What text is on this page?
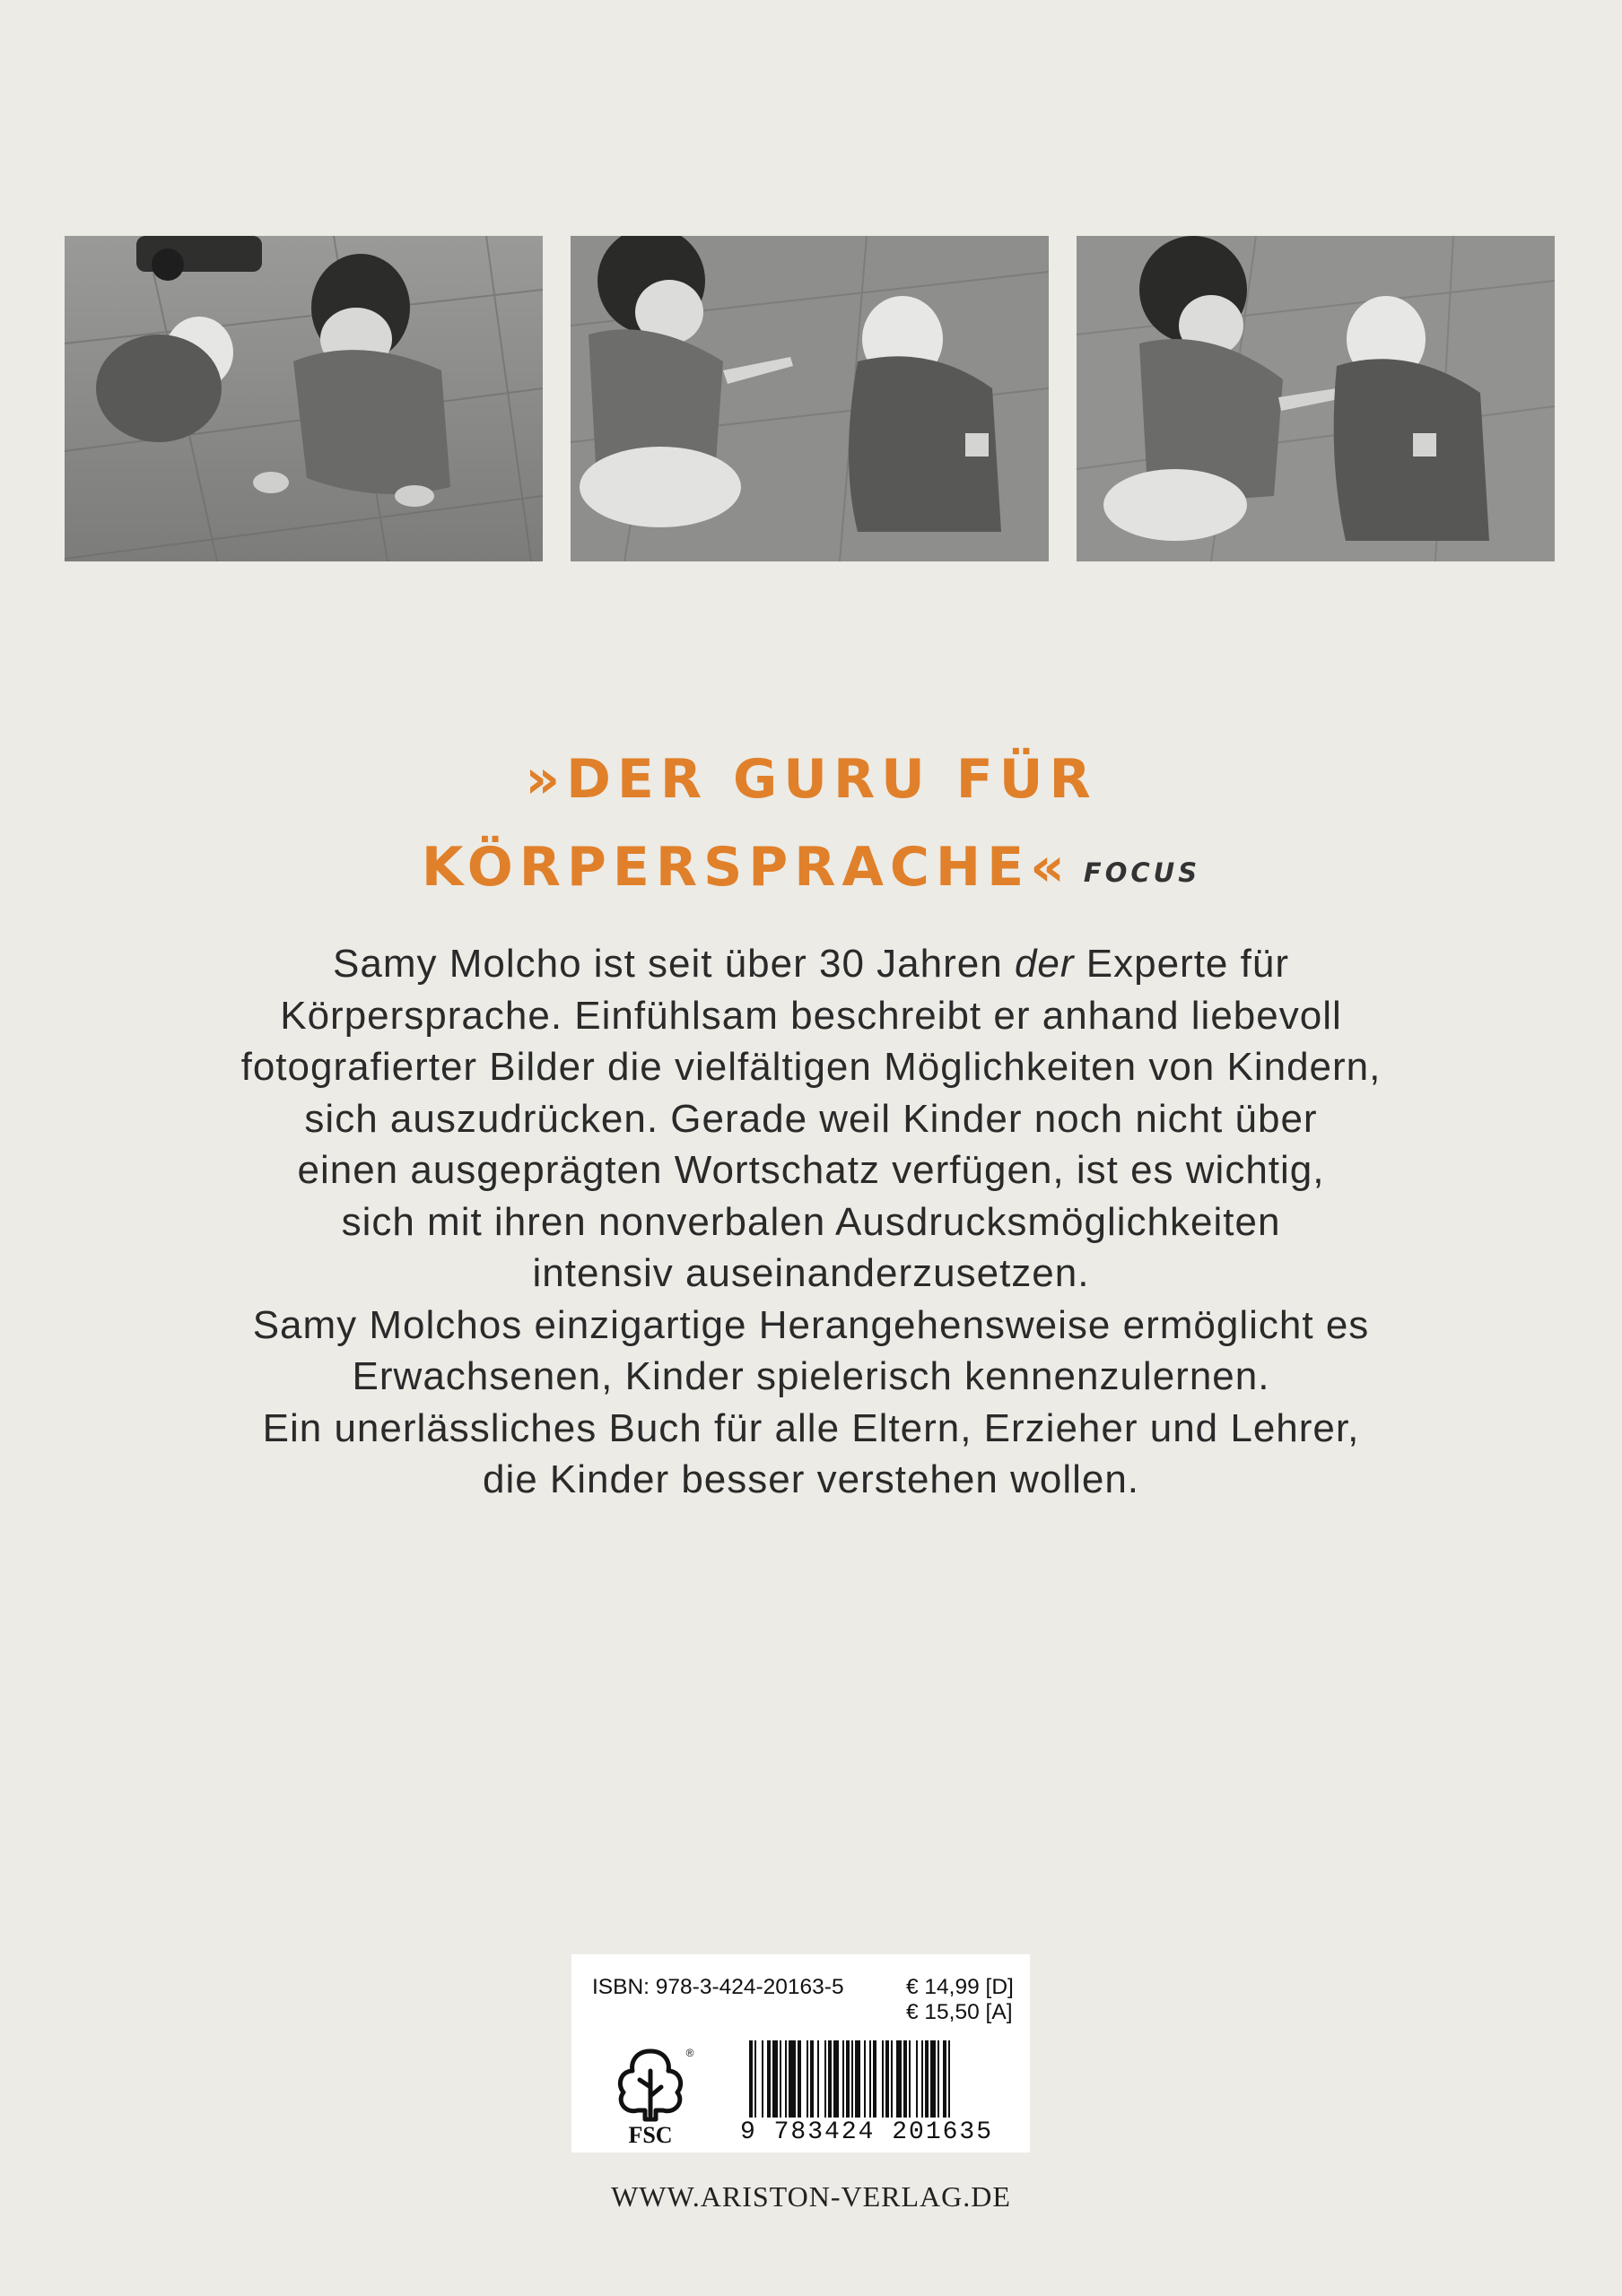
»DER GURU FÜR
KÖRPERSPRACHE« FOCUS
Samy Molcho ist seit über 30 Jahren der Experte für
Körpersprache. Einfühlsam beschreibt er anhand liebevoll
fotografierter Bilder die vielfältigen Möglichkeiten von Kindern,
sich auszudrücken. Gerade weil Kinder noch nicht über
einen ausgeprägten Wortschatz verfügen, ist es wichtig,
sich mit ihren nonverbalen Ausdrucksmöglichkeiten
intensiv auseinanderzusetzen.
Samy Molchos einzigartige Herangehensweise ermöglicht es
Erwachsenen, Kinder spielerisch kennenzulernen.
Ein unerlässliches Buch für alle Eltern, Erzieher und Lehrer,
die Kinder besser verstehen wollen.
ISBN: 978-3-424-20163-5	€ 14,99 [D]
€ 15,50 [A]
FSC
®
9 783424 201635
WWW.ARISTON-VERLAG.DE
